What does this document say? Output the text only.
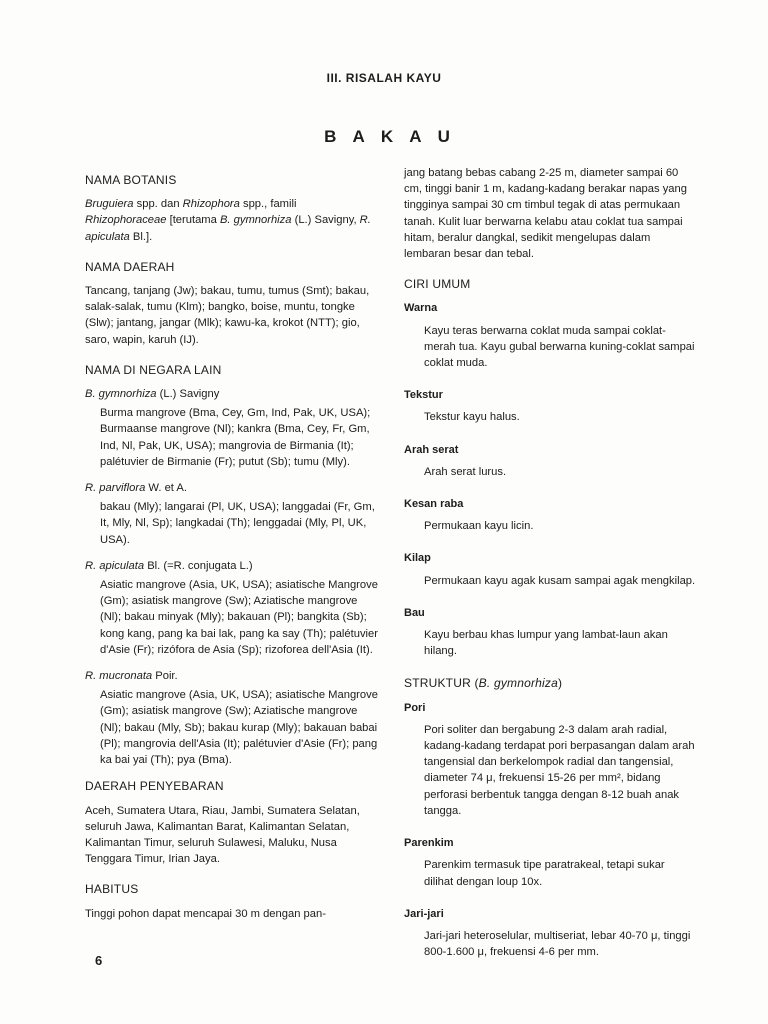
III. RISALAH KAYU
B A K A U
NAMA BOTANIS
Bruguiera spp. dan Rhizophora spp., famili Rhizophoraceae [terutama B. gymnorhiza (L.) Savigny, R. apiculata Bl.].
NAMA DAERAH
Tancang, tanjang (Jw); bakau, tumu, tumus (Smt); bakau, salak-salak, tumu (Klm); bangko, boise, muntu, tongke (Slw); jantang, jangar (Mlk); kawu-ka, krokot (NTT); gio, saro, wapin, karuh (IJ).
NAMA DI NEGARA LAIN
B. gymnorhiza (L.) Savigny
Burma mangrove (Bma, Cey, Gm, Ind, Pak, UK, USA); Burmaanse mangrove (Nl); kankra (Bma, Cey, Fr, Gm, Ind, Nl, Pak, UK, USA); mangrovia de Birmania (It); palétuvier de Birmanie (Fr); putut (Sb); tumu (Mly).
R. parviflora W. et A.
bakau (Mly); langarai (Pl, UK, USA); langgadai (Fr, Gm, It, Mly, Nl, Sp); langkadai (Th); lenggadai (Mly, Pl, UK, USA).
R. apiculata Bl. (=R. conjugata L.)
Asiatic mangrove (Asia, UK, USA); asiatische Mangrove (Gm); asiatisk mangrove (Sw); Aziatische mangrove (Nl); bakau minyak (Mly); bakauan (Pl); bangkita (Sb); kong kang, pang ka bai lak, pang ka say (Th); palétuvier d'Asie (Fr); rizófora de Asia (Sp); rizoforea dell'Asia (It).
R. mucronata Poir.
Asiatic mangrove (Asia, UK, USA); asiatische Mangrove (Gm); asiatisk mangrove (Sw); Aziatische mangrove (Nl); bakau (Mly, Sb); bakau kurap (Mly); bakauan babai (Pl); mangrovia dell'Asia (It); palétuvier d'Asie (Fr); pang ka bai yai (Th); pya (Bma).
DAERAH PENYEBARAN
Aceh, Sumatera Utara, Riau, Jambi, Sumatera Selatan, seluruh Jawa, Kalimantan Barat, Kalimantan Selatan, Kalimantan Timur, seluruh Sulawesi, Maluku, Nusa Tenggara Timur, Irian Jaya.
HABITUS
Tinggi pohon dapat mencapai 30 m dengan pan-
jang batang bebas cabang 2-25 m, diameter sampai 60 cm, tinggi banir 1 m, kadang-kadang berakar napas yang tingginya sampai 30 cm timbul tegak di atas permukaan tanah. Kulit luar berwarna kelabu atau coklat tua sampai hitam, beralur dangkal, sedikit mengelupas dalam lembaran besar dan tebal.
CIRI UMUM
Warna
Kayu teras berwarna coklat muda sampai coklat-merah tua. Kayu gubal berwarna kuning-coklat sampai coklat muda.
Tekstur
Tekstur kayu halus.
Arah serat
Arah serat lurus.
Kesan raba
Permukaan kayu licin.
Kilap
Permukaan kayu agak kusam sampai agak mengkilap.
Bau
Kayu berbau khas lumpur yang lambat-laun akan hilang.
STRUKTUR (B. gymnorhiza)
Pori
Pori soliter dan bergabung 2-3 dalam arah radial, kadang-kadang terdapat pori berpasangan dalam arah tangensial dan berkelompok radial dan tangensial, diameter 74 μ, frekuensi 15-26 per mm², bidang perforasi berbentuk tangga dengan 8-12 buah anak tangga.
Parenkim
Parenkim termasuk tipe paratrakeal, tetapi sukar dilihat dengan loup 10x.
Jari-jari
Jari-jari heteroselular, multiseriat, lebar 40-70 μ, tinggi 800-1.600 μ, frekuensi 4-6 per mm.
6
